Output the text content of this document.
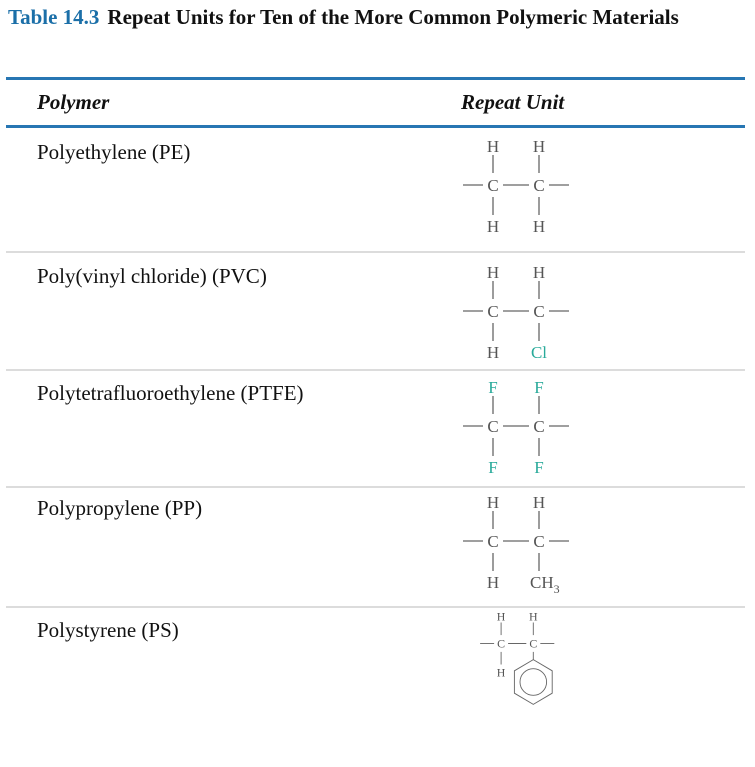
Table 14.3 Repeat Units for Ten of the More Common Polymeric Materials
Polymer	Repeat Unit
Polyethylene (PE)	H H
C C
H H
Poly(vinyl chloride) (PVC)	H H
C C
H Cl
Polytetrafluoroethylene (PTFE)	F F
C C
F F
Polypropylene (PP)	H H
C C
H $CH_3$
Polystyrene (PS)
H H
C C
H
